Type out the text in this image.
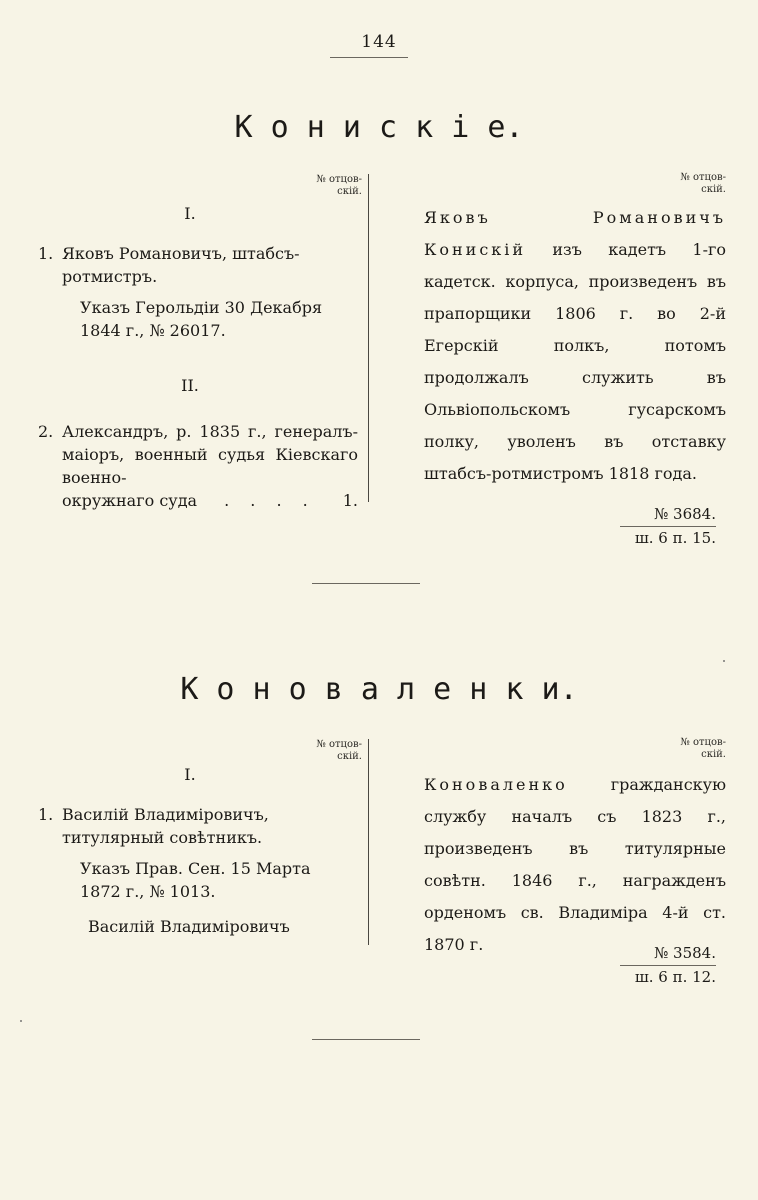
144
К о н и с к і е.
№ отцов-
скій.
№ отцов-
скій.
I.
1. Яковъ Романовичъ, штабсъ-ротмистръ.
Указъ Герольдіи 30 Декабря 1844 г., № 26017.
II.
2. Александръ, р. 1835 г., генералъ-маіоръ, военный судья Кіевскаго военно-
окружнаго суда . . . . 1.

Яковъ Романовичъ Конискій изъ кадетъ 1-го кадетск. корпуса, произведенъ въ прапорщики 1806 г. во 2-й Егерскій полкъ, потомъ продолжалъ служить въ Ольвіопольскомъ гусарскомъ полку, уволенъ въ отставку штабсъ-ротмистромъ 1818 года.

№ 3684.
ш. 6 п. 15.
К о н о в а л е н к и.
№ отцов-
скій.
№ отцов-
скій.
I.
1. Василій Владиміровичъ, титулярный совѣтникъ.
Указъ Прав. Сен. 15 Марта 1872 г., № 1013.
Василій Владиміровичъ

Коноваленко гражданскую службу началъ съ 1823 г., произведенъ въ титулярные совѣтн. 1846 г., награжденъ орденомъ св. Владиміра 4-й ст. 1870 г.	№ 3584.
ш. 6 п. 12.
